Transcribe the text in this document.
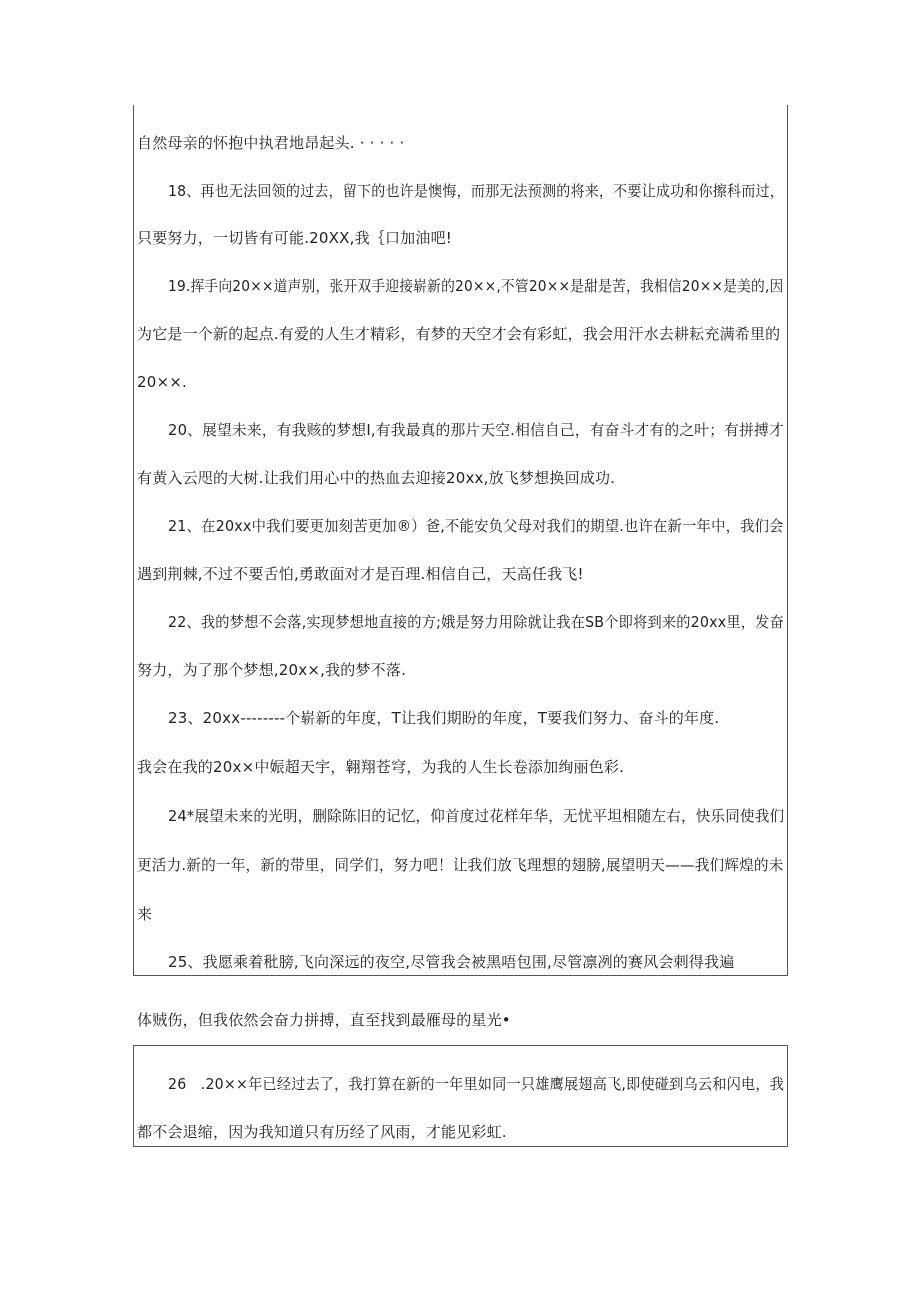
自然母亲的怀抱中执君地昂起头. · · · · ·
18、再也无法回领的过去，留下的也许是懊悔，而那无法预测的将来，不要让成功和你擦科而过，
只要努力，一切皆有可能.20XX,我｛口加油吧!
19.挥手向20××道声别，张开双手迎接崭新的20××,不管20××是甜是苦，我相信20××是美的,因
为它是一个新的起点.有爱的人生才精彩，有梦的天空才会有彩虹，我会用汗水去耕耘充满希里的
20××.
20、展望未来，有我赅的梦想I,有我最真的那片天空.相信自己，有奋斗才有的之叶；有拼搏才
有黄入云咫的大树.让我们用心中的热血去迎接20xx,放飞梦想换回成功.
21、在20xx中我们要更加刻苦更加®）爸,不能安负父母对我们的期望.也许在新一年中，我们会
遇到荆棘,不过不要舌怕,勇敢面对才是百理.相信自己，天高任我飞!
22、我的梦想不会落,实现梦想地直接的方;娥是努力用除就让我在SB个即将到来的20xx里，发奋
努力，为了那个梦想,20x×,我的梦不落.
23、20xx--------个崭新的年度，T让我们期盼的年度，T要我们努力、奋斗的年度.
我会在我的20x×中娠超天宇，翱翔苍穹，为我的人生长卷添加绚丽色彩.
24*展望未来的光明，删除陈旧的记忆，仰首度过花样年华，无忧平坦相随左右，快乐同使我们
更活力.新的一年，新的带里，同学们，努力吧！让我们放飞理想的翅膀,展望明天——我们辉煌的未
来
25、我愿乘着秕膀,飞向深远的夜空,尽管我会被黑唔包围,尽管凛冽的赛风会剌得我遍
体贼伤，但我依然会奋力拼搏，直至找到最雁母的星光•
26　.20××年已经过去了，我打算在新的一年里如同一只雄鹰展翅高飞,即使碰到乌云和闪电，我
都不会退缩，因为我知道只有历经了风雨，才能见彩虹.
